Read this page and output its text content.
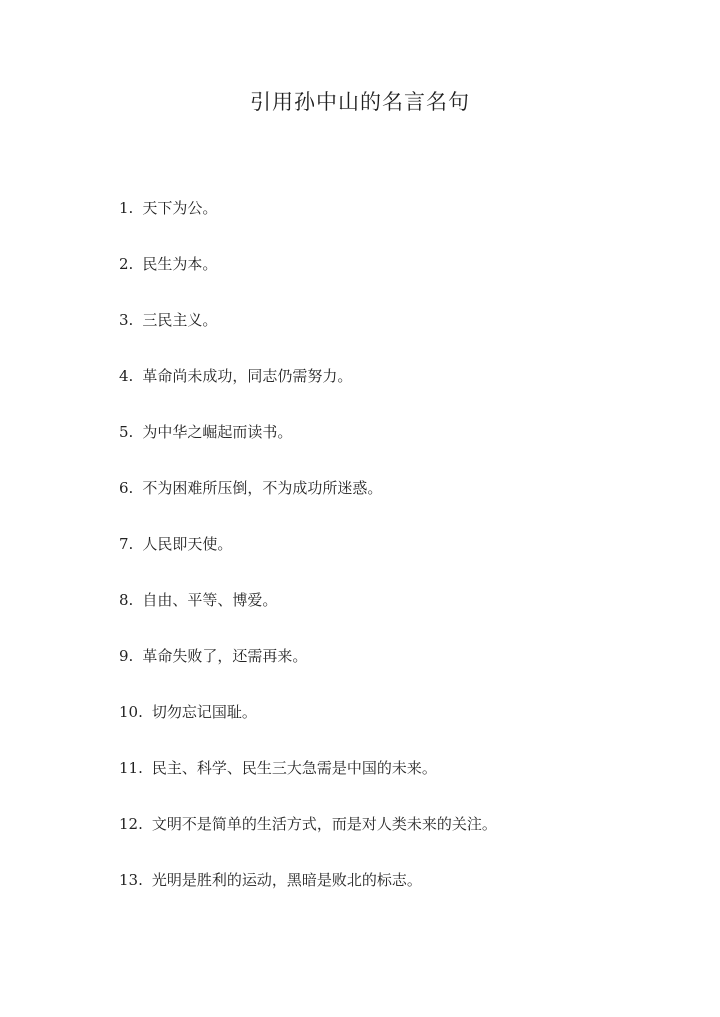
引用孙中山的名言名句
1. 天下为公。
2. 民生为本。
3. 三民主义。
4. 革命尚未成功，同志仍需努力。
5. 为中华之崛起而读书。
6. 不为困难所压倒，不为成功所迷惑。
7. 人民即天使。
8. 自由、平等、博爱。
9. 革命失败了，还需再来。
10. 切勿忘记国耻。
11. 民主、科学、民生三大急需是中国的未来。
12. 文明不是简单的生活方式，而是对人类未来的关注。
13. 光明是胜利的运动，黑暗是败北的标志。
